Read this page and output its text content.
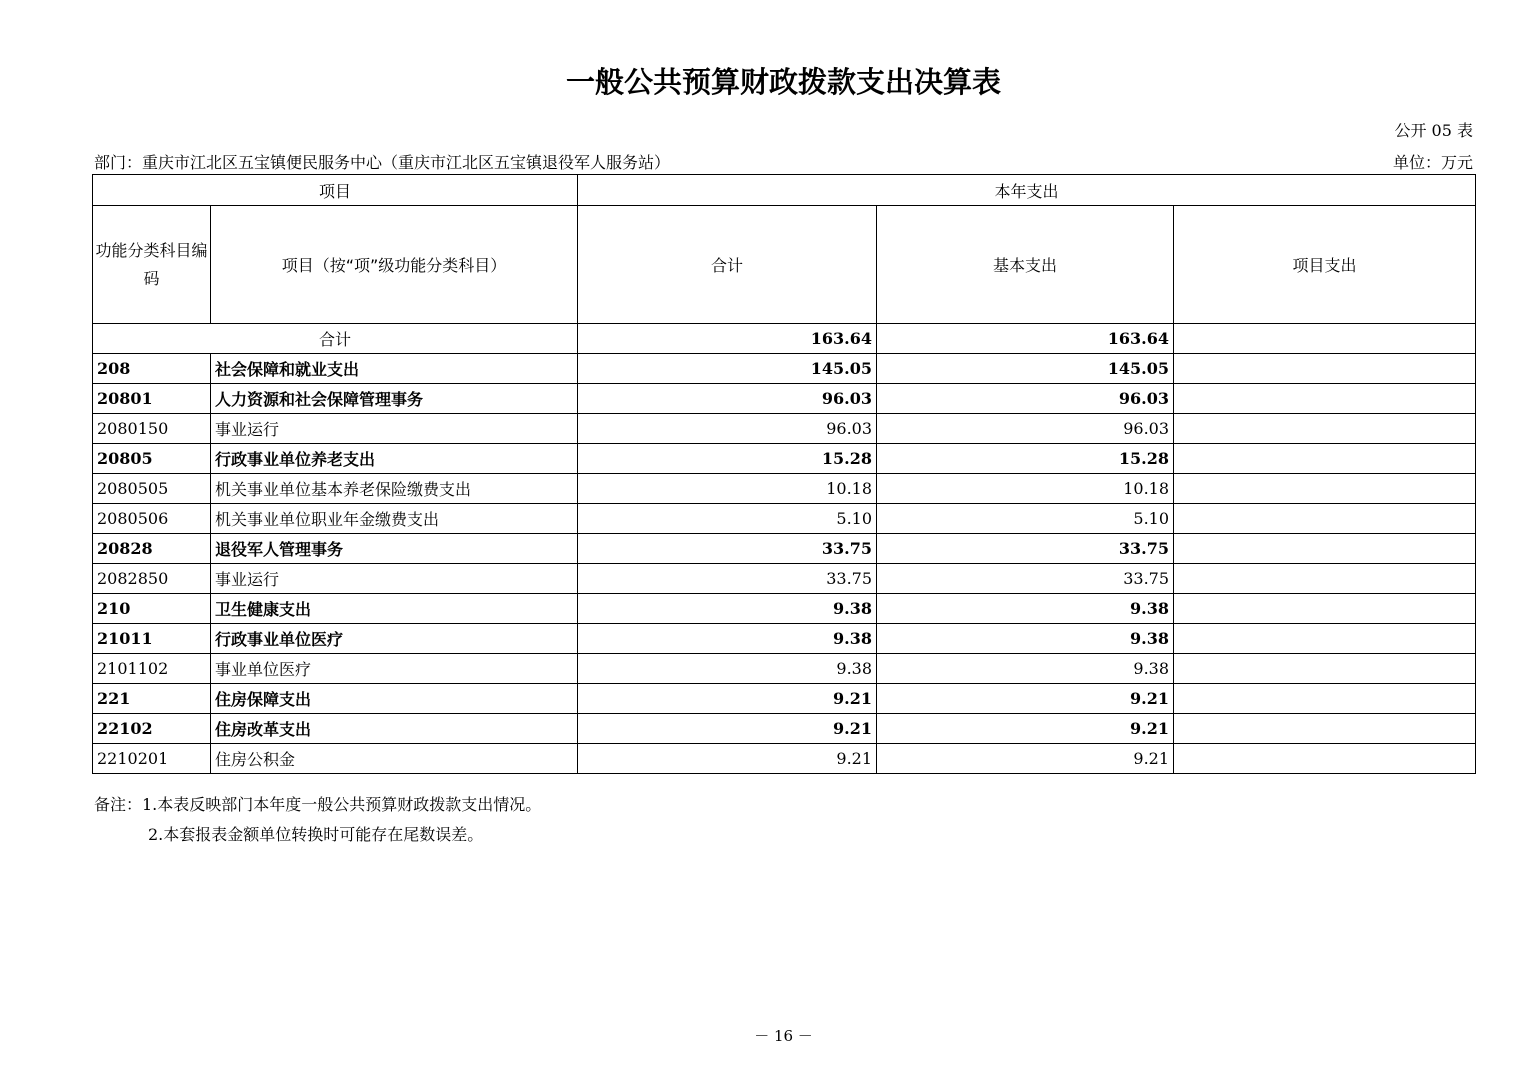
一般公共预算财政拨款支出决算表
公开 05 表
部门：重庆市江北区五宝镇便民服务中心（重庆市江北区五宝镇退役军人服务站）	单位：万元
项目		本年支出		
功能分类科目编码	项目（按“项”级功能分类科目）	合计	基本支出	项目支出
合计		163.64	163.64	
208	社会保障和就业支出	145.05	145.05	
20801	人力资源和社会保障管理事务	96.03	96.03	
2080150	事业运行	96.03	96.03	
20805	行政事业单位养老支出	15.28	15.28	
2080505	机关事业单位基本养老保险缴费支出	10.18	10.18	
2080506	机关事业单位职业年金缴费支出	5.10	5.10	
20828	退役军人管理事务	33.75	33.75	
2082850	事业运行	33.75	33.75	
210	卫生健康支出	9.38	9.38	
21011	行政事业单位医疗	9.38	9.38	
2101102	事业单位医疗	9.38	9.38	
221	住房保障支出	9.21	9.21	
22102	住房改革支出	9.21	9.21	
2210201	住房公积金	9.21	9.21	
备注：1.本表反映部门本年度一般公共预算财政拨款支出情况。
2.本套报表金额单位转换时可能存在尾数误差。
－ 16 －
